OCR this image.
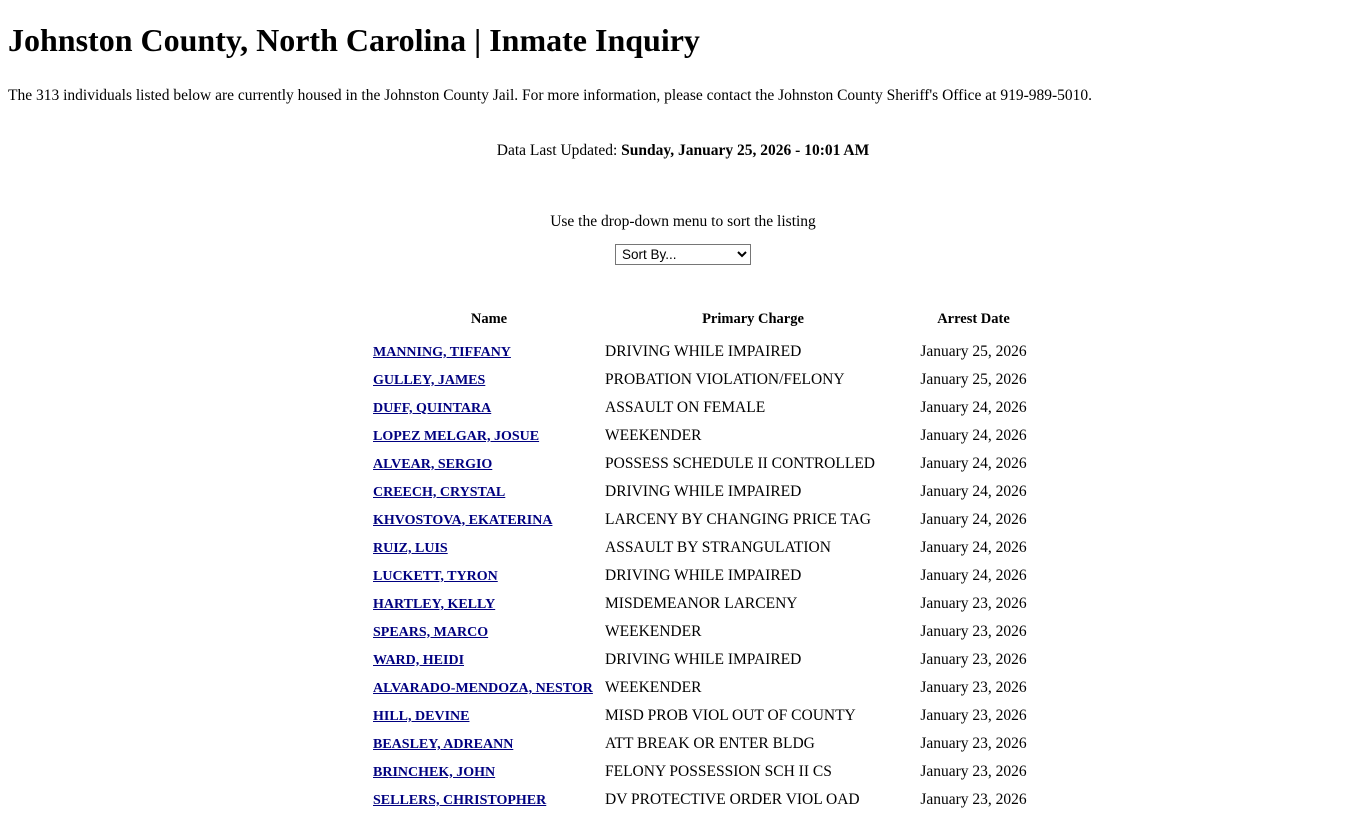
Johnston County, North Carolina | Inmate Inquiry

The 313 individuals listed below are currently housed in the Johnston County Jail. For more information, please contact the Johnston County Sheriff's Office at 919-989-5010.

Data Last Updated: Sunday, January 25, 2026 - 10:01 AM

Use the drop-down menu to sort the listing

Sort By...
	Name	Primary Charge	Arrest Date	
	MANNING, TIFFANY	DRIVING WHILE IMPAIRED	January 25, 2026	
	GULLEY, JAMES	PROBATION VIOLATION/FELONY	January 25, 2026	
	DUFF, QUINTARA	ASSAULT ON FEMALE	January 24, 2026	
	LOPEZ MELGAR, JOSUE	WEEKENDER	January 24, 2026	
	ALVEAR, SERGIO	POSSESS SCHEDULE II CONTROLLED	January 24, 2026	
	CREECH, CRYSTAL	DRIVING WHILE IMPAIRED	January 24, 2026	
	KHVOSTOVA, EKATERINA	LARCENY BY CHANGING PRICE TAG	January 24, 2026	
	RUIZ, LUIS	ASSAULT BY STRANGULATION	January 24, 2026	
	LUCKETT, TYRON	DRIVING WHILE IMPAIRED	January 24, 2026	
	HARTLEY, KELLY	MISDEMEANOR LARCENY	January 23, 2026	
	SPEARS, MARCO	WEEKENDER	January 23, 2026	
	WARD, HEIDI	DRIVING WHILE IMPAIRED	January 23, 2026	
	ALVARADO-MENDOZA, NESTOR	WEEKENDER	January 23, 2026	
	HILL, DEVINE	MISD PROB VIOL OUT OF COUNTY	January 23, 2026	
	BEASLEY, ADREANN	ATT BREAK OR ENTER BLDG	January 23, 2026	
	BRINCHEK, JOHN	FELONY POSSESSION SCH II CS	January 23, 2026	
	SELLERS, CHRISTOPHER	DV PROTECTIVE ORDER VIOL OAD	January 23, 2026	
